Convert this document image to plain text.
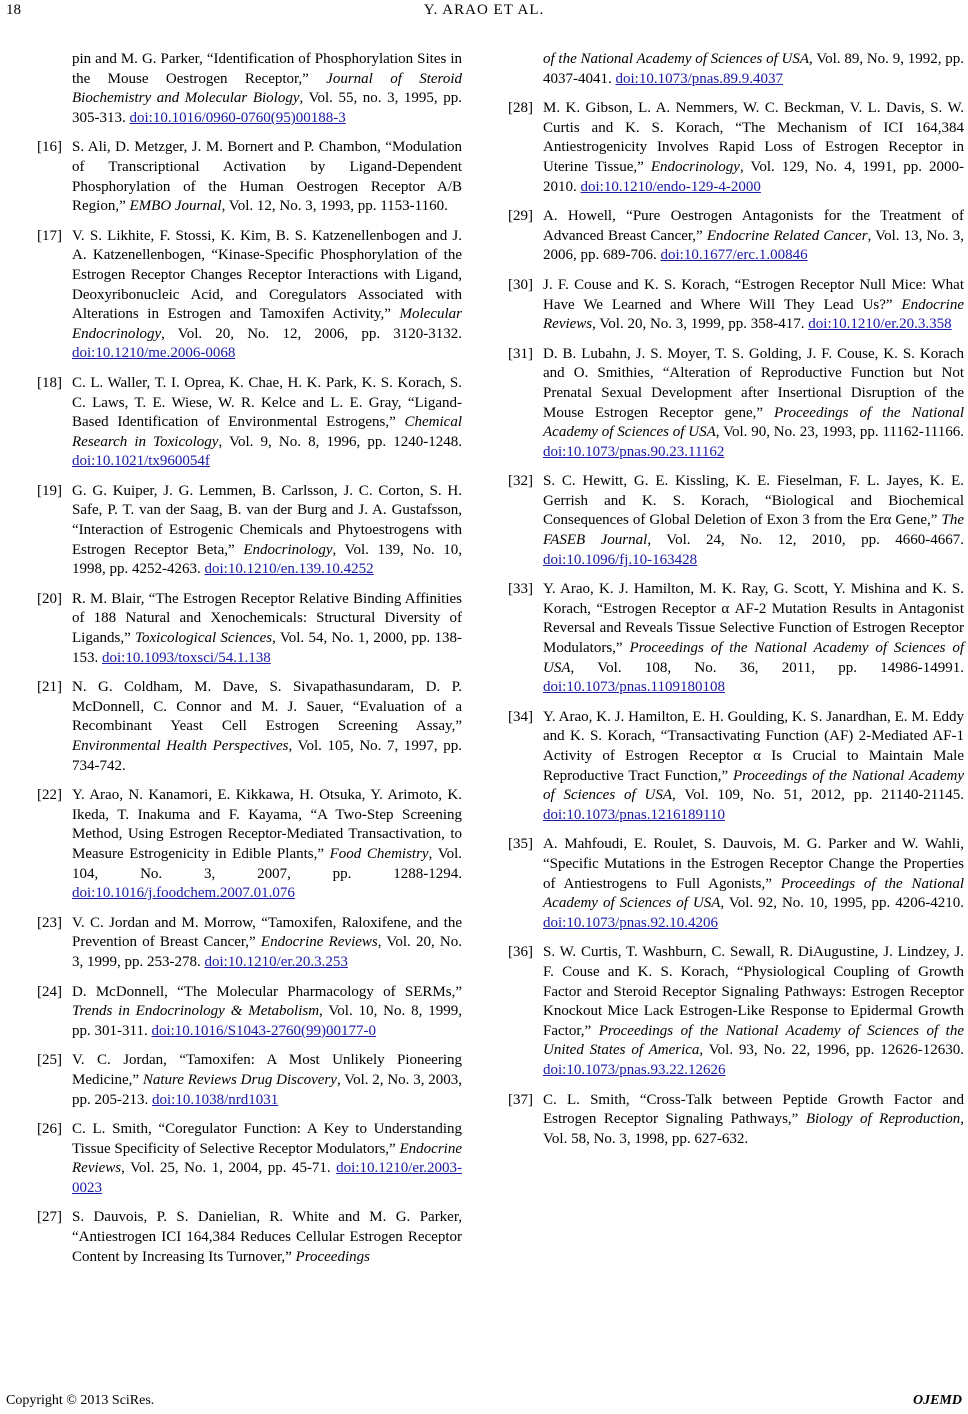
18	Y. ARAO ET AL.
pin and M. G. Parker, “Identification of Phosphorylation Sites in the Mouse Oestrogen Receptor,” Journal of Steroid Biochemistry and Molecular Biology, Vol. 55, no. 3, 1995, pp. 305-313. doi:10.1016/0960-0760(95)00188-3
[16] S. Ali, D. Metzger, J. M. Bornert and P. Chambon, “Modulation of Transcriptional Activation by Ligand-Dependent Phosphorylation of the Human Oestrogen Receptor A/B Region,” EMBO Journal, Vol. 12, No. 3, 1993, pp. 1153-1160.
[17] V. S. Likhite, F. Stossi, K. Kim, B. S. Katzenellenbogen and J. A. Katzenellenbogen, “Kinase-Specific Phosphorylation of the Estrogen Receptor Changes Receptor Interactions with Ligand, Deoxyribonucleic Acid, and Coregulators Associated with Alterations in Estrogen and Tamoxifen Activity,” Molecular Endocrinology, Vol. 20, No. 12, 2006, pp. 3120-3132. doi:10.1210/me.2006-0068
[18] C. L. Waller, T. I. Oprea, K. Chae, H. K. Park, K. S. Korach, S. C. Laws, T. E. Wiese, W. R. Kelce and L. E. Gray, “Ligand-Based Identification of Environmental Estrogens,” Chemical Research in Toxicology, Vol. 9, No. 8, 1996, pp. 1240-1248. doi:10.1021/tx960054f
[19] G. G. Kuiper, J. G. Lemmen, B. Carlsson, J. C. Corton, S. H. Safe, P. T. van der Saag, B. van der Burg and J. A. Gustafsson, “Interaction of Estrogenic Chemicals and Phytoestrogens with Estrogen Receptor Beta,” Endocrinology, Vol. 139, No. 10, 1998, pp. 4252-4263. doi:10.1210/en.139.10.4252
[20] R. M. Blair, “The Estrogen Receptor Relative Binding Affinities of 188 Natural and Xenochemicals: Structural Diversity of Ligands,” Toxicological Sciences, Vol. 54, No. 1, 2000, pp. 138-153. doi:10.1093/toxsci/54.1.138
[21] N. G. Coldham, M. Dave, S. Sivapathasundaram, D. P. McDonnell, C. Connor and M. J. Sauer, “Evaluation of a Recombinant Yeast Cell Estrogen Screening Assay,” Environmental Health Perspectives, Vol. 105, No. 7, 1997, pp. 734-742.
[22] Y. Arao, N. Kanamori, E. Kikkawa, H. Otsuka, Y. Arimoto, K. Ikeda, T. Inakuma and F. Kayama, “A Two-Step Screening Method, Using Estrogen Receptor-Mediated Transactivation, to Measure Estrogenicity in Edible Plants,” Food Chemistry, Vol. 104, No. 3, 2007, pp. 1288-1294. doi:10.1016/j.foodchem.2007.01.076
[23] V. C. Jordan and M. Morrow, “Tamoxifen, Raloxifene, and the Prevention of Breast Cancer,” Endocrine Reviews, Vol. 20, No. 3, 1999, pp. 253-278. doi:10.1210/er.20.3.253
[24] D. McDonnell, “The Molecular Pharmacology of SERMs,” Trends in Endocrinology & Metabolism, Vol. 10, No. 8, 1999, pp. 301-311. doi:10.1016/S1043-2760(99)00177-0
[25] V. C. Jordan, “Tamoxifen: A Most Unlikely Pioneering Medicine,” Nature Reviews Drug Discovery, Vol. 2, No. 3, 2003, pp. 205-213. doi:10.1038/nrd1031
[26] C. L. Smith, “Coregulator Function: A Key to Understanding Tissue Specificity of Selective Receptor Modulators,” Endocrine Reviews, Vol. 25, No. 1, 2004, pp. 45-71. doi:10.1210/er.2003-0023
[27] S. Dauvois, P. S. Danielian, R. White and M. G. Parker, “Antiestrogen ICI 164,384 Reduces Cellular Estrogen Receptor Content by Increasing Its Turnover,” Proceedings
of the National Academy of Sciences of USA, Vol. 89, No. 9, 1992, pp. 4037-4041. doi:10.1073/pnas.89.9.4037
[28] M. K. Gibson, L. A. Nemmers, W. C. Beckman, V. L. Davis, S. W. Curtis and K. S. Korach, “The Mechanism of ICI 164,384 Antiestrogenicity Involves Rapid Loss of Estrogen Receptor in Uterine Tissue,” Endocrinology, Vol. 129, No. 4, 1991, pp. 2000-2010. doi:10.1210/endo-129-4-2000
[29] A. Howell, “Pure Oestrogen Antagonists for the Treatment of Advanced Breast Cancer,” Endocrine Related Cancer, Vol. 13, No. 3, 2006, pp. 689-706. doi:10.1677/erc.1.00846
[30] J. F. Couse and K. S. Korach, “Estrogen Receptor Null Mice: What Have We Learned and Where Will They Lead Us?” Endocrine Reviews, Vol. 20, No. 3, 1999, pp. 358-417. doi:10.1210/er.20.3.358
[31] D. B. Lubahn, J. S. Moyer, T. S. Golding, J. F. Couse, K. S. Korach and O. Smithies, “Alteration of Reproductive Function but Not Prenatal Sexual Development after Insertional Disruption of the Mouse Estrogen Receptor gene,” Proceedings of the National Academy of Sciences of USA, Vol. 90, No. 23, 1993, pp. 11162-11166. doi:10.1073/pnas.90.23.11162
[32] S. C. Hewitt, G. E. Kissling, K. E. Fieselman, F. L. Jayes, K. E. Gerrish and K. S. Korach, “Biological and Biochemical Consequences of Global Deletion of Exon 3 from the Erα Gene,” The FASEB Journal, Vol. 24, No. 12, 2010, pp. 4660-4667. doi:10.1096/fj.10-163428
[33] Y. Arao, K. J. Hamilton, M. K. Ray, G. Scott, Y. Mishina and K. S. Korach, “Estrogen Receptor α AF-2 Mutation Results in Antagonist Reversal and Reveals Tissue Selective Function of Estrogen Receptor Modulators,” Proceedings of the National Academy of Sciences of USA, Vol. 108, No. 36, 2011, pp. 14986-14991. doi:10.1073/pnas.1109180108
[34] Y. Arao, K. J. Hamilton, E. H. Goulding, K. S. Janardhan, E. M. Eddy and K. S. Korach, “Transactivating Function (AF) 2-Mediated AF-1 Activity of Estrogen Receptor α Is Crucial to Maintain Male Reproductive Tract Function,” Proceedings of the National Academy of Sciences of USA, Vol. 109, No. 51, 2012, pp. 21140-21145. doi:10.1073/pnas.1216189110
[35] A. Mahfoudi, E. Roulet, S. Dauvois, M. G. Parker and W. Wahli, “Specific Mutations in the Estrogen Receptor Change the Properties of Antiestrogens to Full Agonists,” Proceedings of the National Academy of Sciences of USA, Vol. 92, No. 10, 1995, pp. 4206-4210. doi:10.1073/pnas.92.10.4206
[36] S. W. Curtis, T. Washburn, C. Sewall, R. DiAugustine, J. Lindzey, J. F. Couse and K. S. Korach, “Physiological Coupling of Growth Factor and Steroid Receptor Signaling Pathways: Estrogen Receptor Knockout Mice Lack Estrogen-Like Response to Epidermal Growth Factor,” Proceedings of the National Academy of Sciences of the United States of America, Vol. 93, No. 22, 1996, pp. 12626-12630. doi:10.1073/pnas.93.22.12626
[37] C. L. Smith, “Cross-Talk between Peptide Growth Factor and Estrogen Receptor Signaling Pathways,” Biology of Reproduction, Vol. 58, No. 3, 1998, pp. 627-632.
Copyright © 2013 SciRes.	OJEMD
